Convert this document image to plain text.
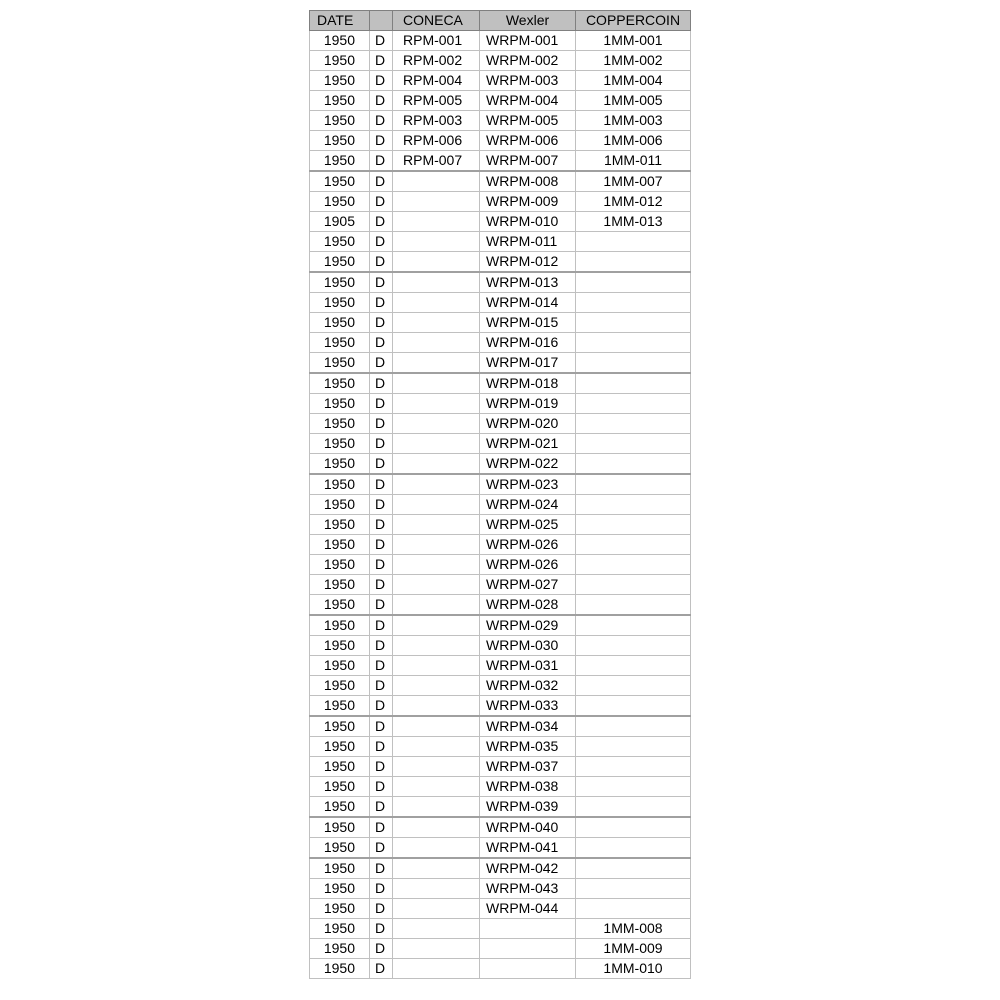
DATE		CONECA	Wexler	COPPERCOIN
1950	D	RPM-001	WRPM-001	1MM-001
1950	D	RPM-002	WRPM-002	1MM-002
1950	D	RPM-004	WRPM-003	1MM-004
1950	D	RPM-005	WRPM-004	1MM-005
1950	D	RPM-003	WRPM-005	1MM-003
1950	D	RPM-006	WRPM-006	1MM-006
1950	D	RPM-007	WRPM-007	1MM-011
1950	D		WRPM-008	1MM-007
1950	D		WRPM-009	1MM-012
1905	D		WRPM-010	1MM-013
1950	D		WRPM-011	
1950	D		WRPM-012	
1950	D		WRPM-013	
1950	D		WRPM-014	
1950	D		WRPM-015	
1950	D		WRPM-016	
1950	D		WRPM-017	
1950	D		WRPM-018	
1950	D		WRPM-019	
1950	D		WRPM-020	
1950	D		WRPM-021	
1950	D		WRPM-022	
1950	D		WRPM-023	
1950	D		WRPM-024	
1950	D		WRPM-025	
1950	D		WRPM-026	
1950	D		WRPM-026	
1950	D		WRPM-027	
1950	D		WRPM-028	
1950	D		WRPM-029	
1950	D		WRPM-030	
1950	D		WRPM-031	
1950	D		WRPM-032	
1950	D		WRPM-033	
1950	D		WRPM-034	
1950	D		WRPM-035	
1950	D		WRPM-037	
1950	D		WRPM-038	
1950	D		WRPM-039	
1950	D		WRPM-040	
1950	D		WRPM-041	
1950	D		WRPM-042	
1950	D		WRPM-043	
1950	D		WRPM-044	
1950	D			1MM-008
1950	D			1MM-009
1950	D			1MM-010
